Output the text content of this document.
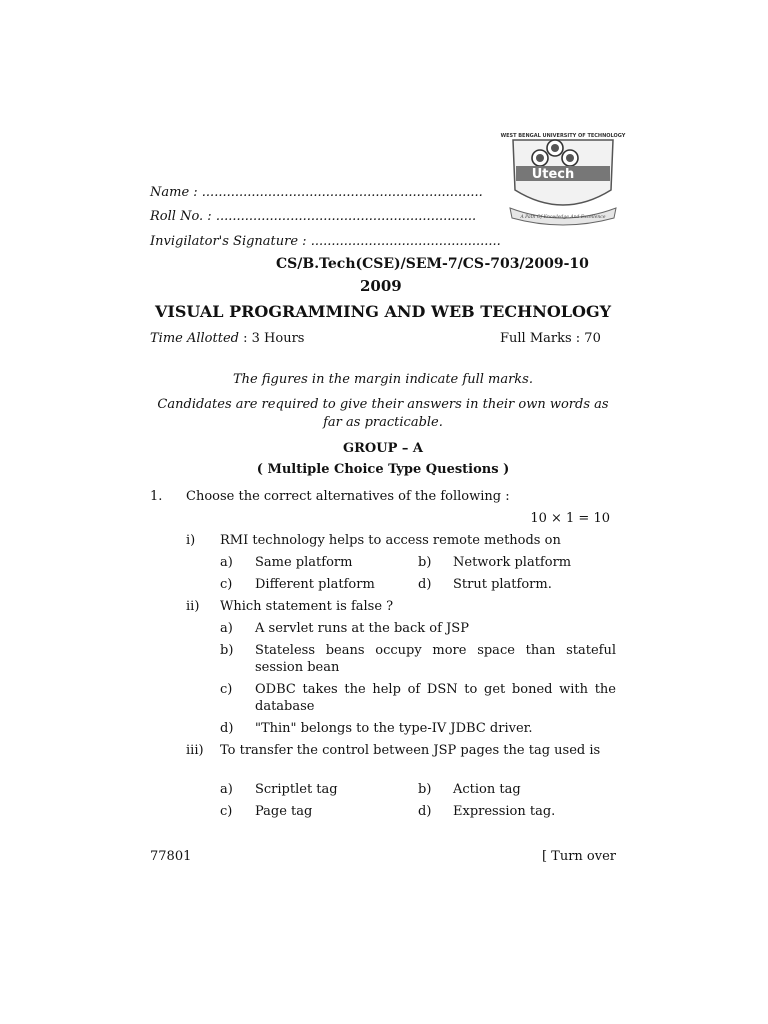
WEST BENGAL UNIVERSITY OF TECHNOLOGY
Utech
A Path Of Knowledge And Excellence
Name : ....................................................................
Roll No. : ...............................................................
Invigilator's Signature : ..............................................
CS/B.Tech(CSE)/SEM-7/CS-703/2009-10
2009
VISUAL PROGRAMMING AND WEB TECHNOLOGY
Time Allotted : 3 Hours	Full Marks : 70
The figures in the margin indicate full marks.
Candidates are required to give their answers in their own words as
far as practicable.
GROUP – A
( Multiple Choice Type Questions )
1. Choose the correct alternatives of the following :
10 × 1 = 10
i) RMI technology helps to access remote methods on
a) Same platform	b) Network platform
c) Different platform	d) Strut platform.
ii) Which statement is false ?
a) A servlet runs at the back of JSP
b) Stateless beans occupy more space than stateful session bean
c) ODBC takes the help of DSN to get boned with the database
d) "Thin" belongs to the type-IV JDBC driver.
iii) To transfer the control between JSP pages the tag used is
a) Scriptlet tag	b) Action tag
c) Page tag	d) Expression tag.
77801	[ Turn over
